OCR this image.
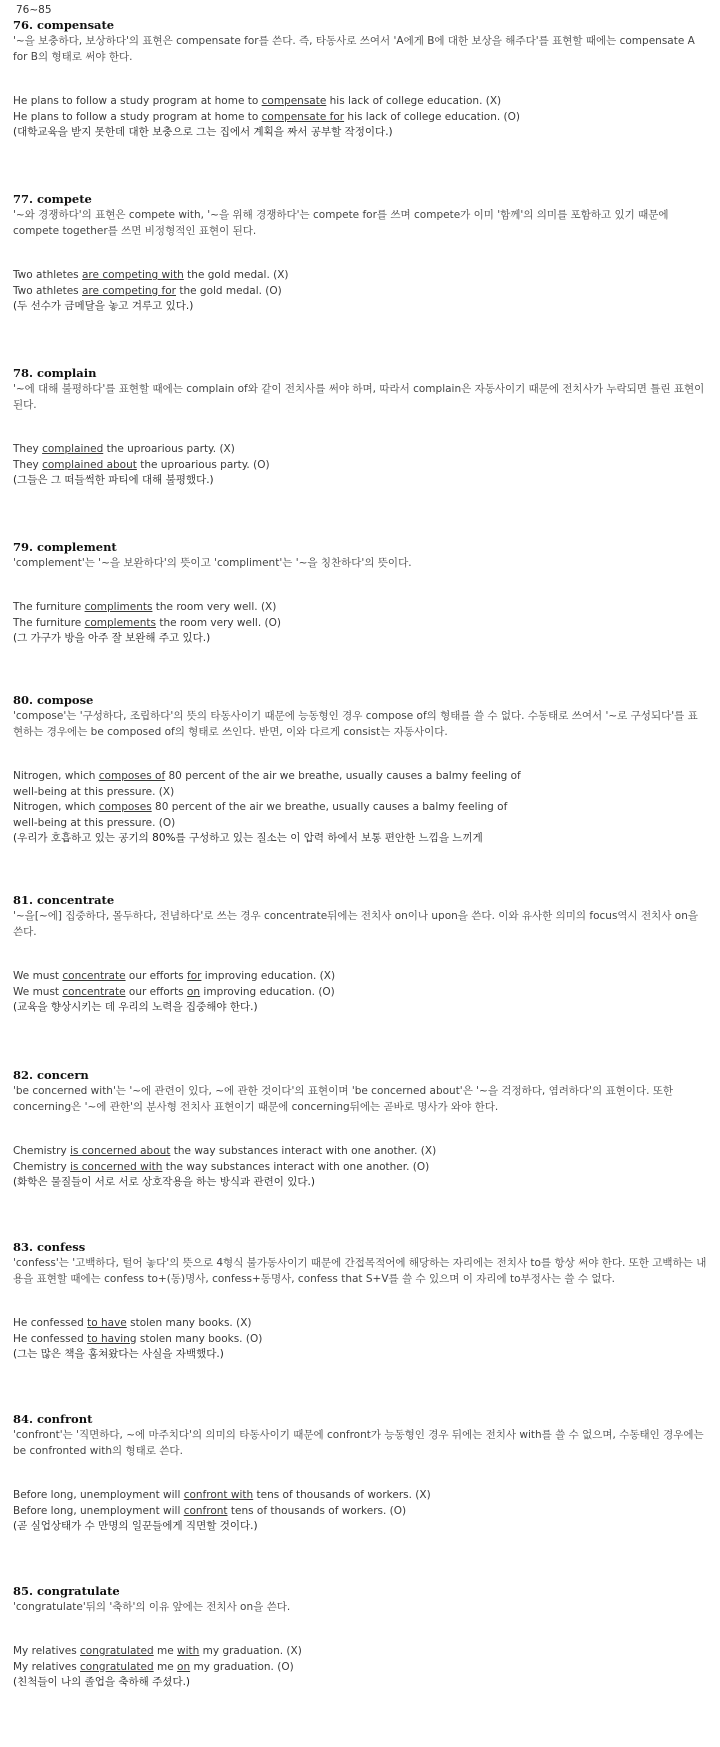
76~85
76. compensate

'~을 보충하다, 보상하다'의 표현은 compensate for를 쓴다. 즉, 타동사로 쓰여서 'A에게 B에 대한 보상을 해주다'를 표현할 때에는 compensate A for B의 형태로 써야 한다.

He plans to follow a study program at home to compensate his lack of college education. (X)
He plans to follow a study program at home to compensate for his lack of college education. (O)
(대학교육을 받지 못한데 대한 보충으로 그는 집에서 계획을 짜서 공부할 작정이다.)
77. compete

'~와 경쟁하다'의 표현은 compete with, '~을 위해 경쟁하다'는 compete for를 쓰며 compete가 이미 '함께'의 의미를 포함하고 있기 때문에 compete together를 쓰면 비정형적인 표현이 된다.

Two athletes are competing with the gold medal. (X)
Two athletes are competing for the gold medal. (O)
(두 선수가 금메달을 놓고 겨루고 있다.)
78. complain

'~에 대해 불평하다'를 표현할 때에는 complain of와 같이 전치사를 써야 하며, 따라서 complain은 자동사이기 때문에 전치사가 누락되면 틀린 표현이 된다.

They complained the uproarious party. (X)
They complained about the uproarious party. (O)
(그들은 그 떠들썩한 파티에 대해 불평했다.)
79. complement

'complement'는 '~을 보완하다'의 뜻이고 'compliment'는 '~을 칭찬하다'의 뜻이다.

The furniture compliments the room very well. (X)
The furniture complements the room very well. (O)
(그 가구가 방을 아주 잘 보완해 주고 있다.)
80. compose

'compose'는 '구성하다, 조립하다'의 뜻의 타동사이기 때문에 능동형인 경우 compose of의 형태를 쓸 수 없다. 수동태로 쓰여서 '~로 구성되다'를 표현하는 경우에는 be composed of의 형태로 쓰인다. 반면, 이와 다르게 consist는 자동사이다.

Nitrogen, which composes of 80 percent of the air we breathe, usually causes a balmy feeling of
well-being at this pressure. (X)
Nitrogen, which composes 80 percent of the air we breathe, usually causes a balmy feeling of
well-being at this pressure. (O)
(우리가 호흡하고 있는 공기의 80%를 구성하고 있는 질소는 이 압력 하에서 보통 편안한 느낌을 느끼게
81. concentrate

'~을[~에] 집중하다, 몰두하다, 전념하다'로 쓰는 경우 concentrate뒤에는 전치사 on이나 upon을 쓴다. 이와 유사한 의미의 focus역시 전치사 on을 쓴다.

We must concentrate our efforts for improving education. (X)
We must concentrate our efforts on improving education. (O)
(교육을 향상시키는 데 우리의 노력을 집중해야 한다.)
82. concern

'be concerned with'는 '~에 관련이 있다, ~에 관한 것이다'의 표현이며 'be concerned about'은 '~을 걱정하다, 염려하다'의 표현이다. 또한 concerning은 '~에 관한'의 분사형 전치사 표현이기 때문에 concerning뒤에는 곧바로 명사가 와야 한다.

Chemistry is concerned about the way substances interact with one another. (X)
Chemistry is concerned with the way substances interact with one another. (O)
(화학은 물질들이 서로 서로 상호작용을 하는 방식과 관련이 있다.)
83. confess

'confess'는 '고백하다, 털어 놓다'의 뜻으로 4형식 불가동사이기 때문에 간접목적어에 해당하는 자리에는 전치사 to를 항상 써야 한다. 또한 고백하는 내용을 표현할 때에는 confess to+(동)명사, confess+동명사, confess that S+V를 쓸 수 있으며 이 자리에 to부정사는 쓸 수 없다.

He confessed to have stolen many books. (X)
He confessed to having stolen many books. (O)
(그는 많은 책을 훔쳐왔다는 사실을 자백했다.)
84. confront

'confront'는 '직면하다, ~에 마주치다'의 의미의 타동사이기 때문에 confront가 능동형인 경우 뒤에는 전치사 with를 쓸 수 없으며, 수동태인 경우에는 be confronted with의 형태로 쓴다.

Before long, unemployment will confront with tens of thousands of workers. (X)
Before long, unemployment will confront tens of thousands of workers. (O)
(곧 실업상태가 수 만명의 일꾼들에게 직면할 것이다.)
85. congratulate

'congratulate'뒤의 '축하'의 이유 앞에는 전치사 on을 쓴다.

My relatives congratulated me with my graduation. (X)
My relatives congratulated me on my graduation. (O)
(친척들이 나의 졸업을 축하해 주셨다.)
